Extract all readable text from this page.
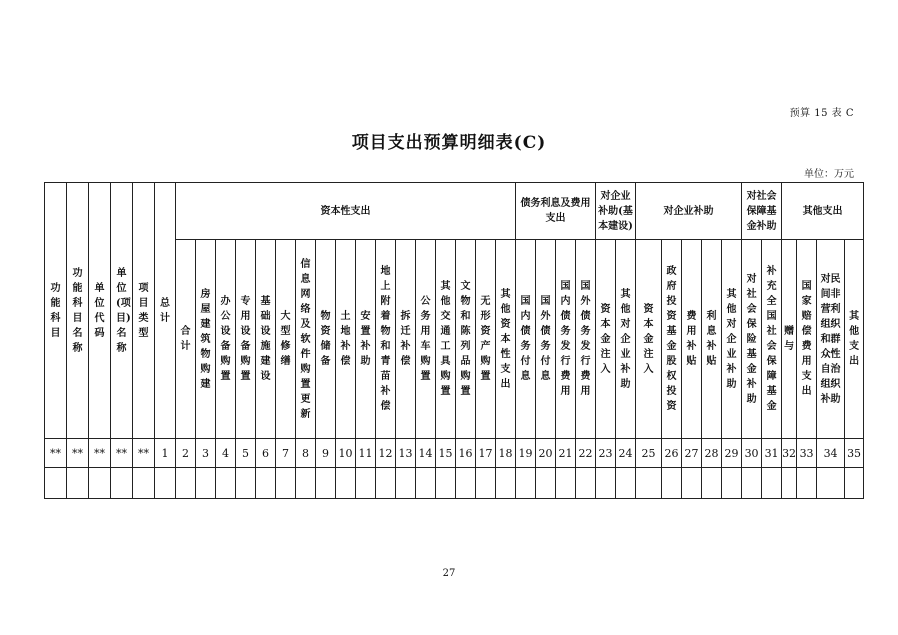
预算 15 表 C
项目支出预算明细表(C)
单位：万元
功能科目	功能科目名称	单位代码	单位(项目)名称	项目类型	总计	资本性支出																	债务利息及费用支出				对企业补助(基本建设)		对企业补助					对社会保障基金补助		其他支出			
						合计	房屋建筑物购建	办公设备购置	专用设备购置	基础设施建设	大型修缮	信息网络及软件购置更新	物资储备	土地补偿	安置补助	地上附着物和青苗补偿	拆迁补偿	公务用车购置	其他交通工具购置	文物和陈列品购置	无形资产购置	其他资本性支出	国内债务付息	国外债务付息	国内债务发行费用	国外债务发行费用	资本金注入	其他对企业补助	资本金注入	政府投资基金股权投资	费用补贴	利息补贴	其他对企业补助	对社会保险基金补助	补充全国社会保障基金	赠与	国家赔偿费用支出	对民间非营利组织和群众性自治组织补助	其他支出
**	**	**	**	**	1	2	3	4	5	6	7	8	9	10	11	12	13	14	15	16	17	18	19	20	21	22	23	24	25	26	27	28	29	30	31	32	33	34	35

27
